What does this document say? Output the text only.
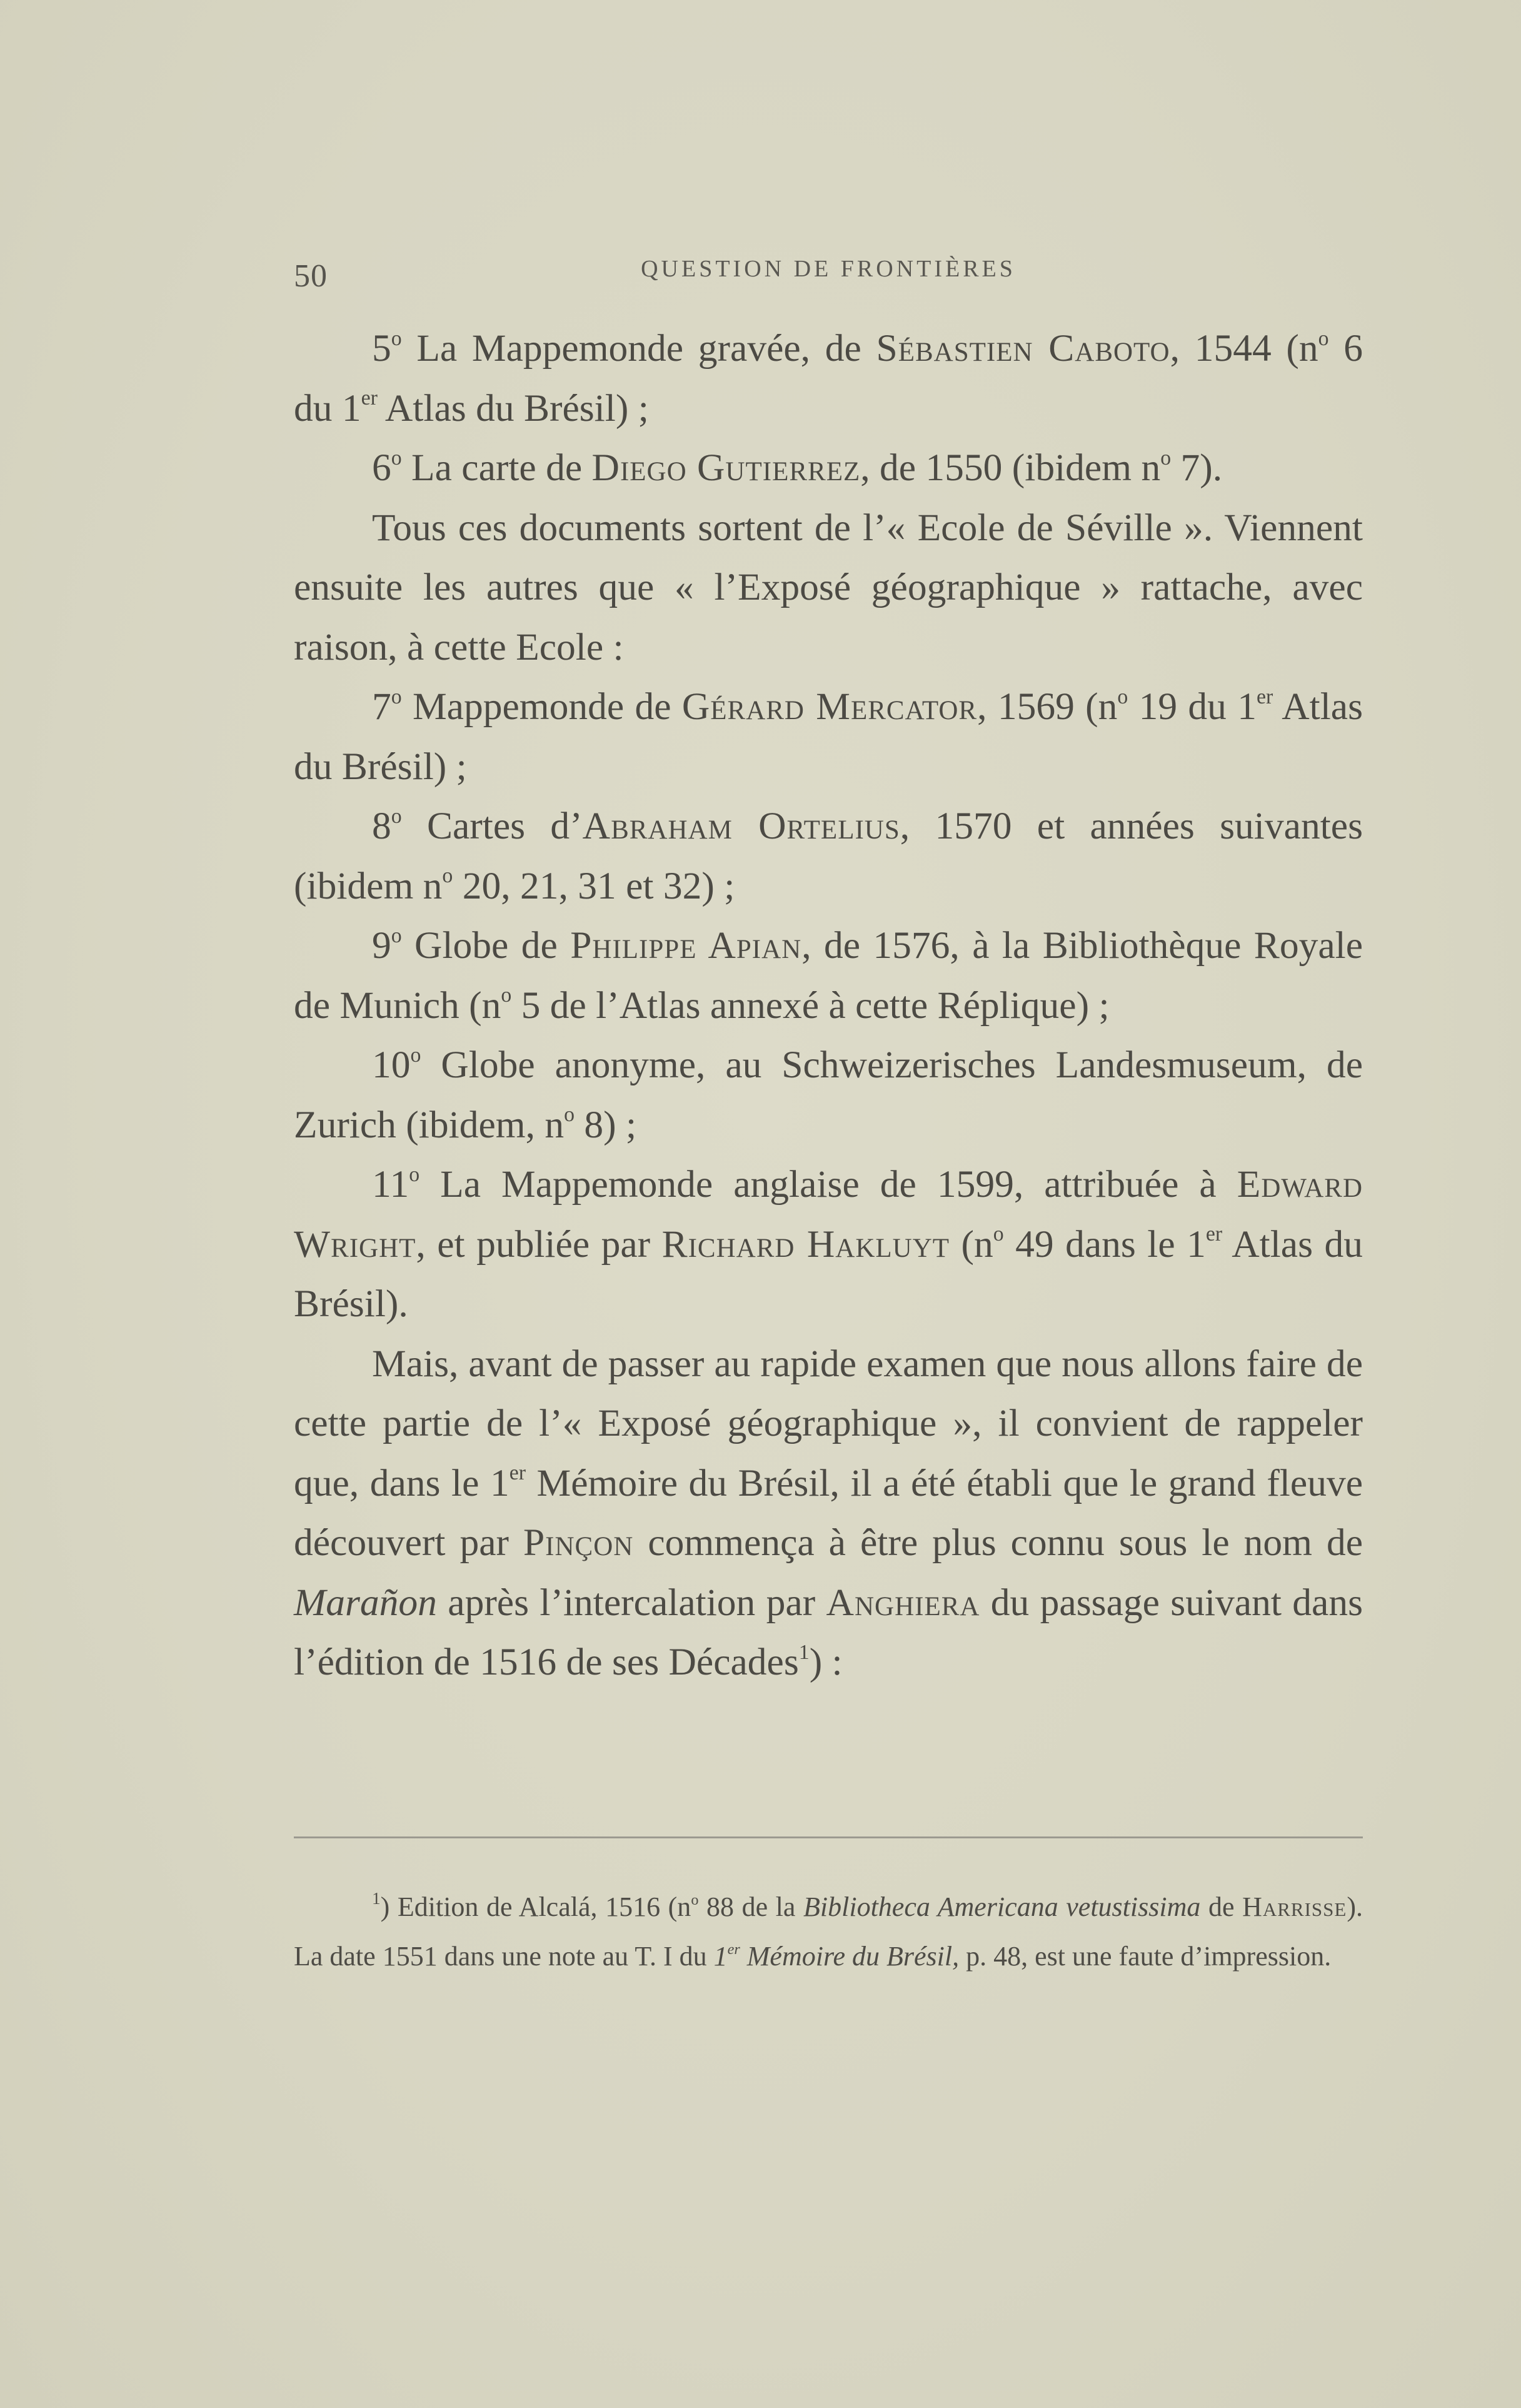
50	QUESTION DE FRONTIÈRES

5$^o$ La Mappemonde gravée, de Sébastien Caboto, 1544 ($n^o$ 6 du 1er Atlas du Brésil) ;

6$^o$ La carte de Diego Gutierrez, de 1550 (ibidem $n^o$ 7).

Tous ces documents sortent de l’« Ecole de Séville ». Viennent ensuite les autres que « l’Exposé géographique » rattache, avec raison, à cette Ecole :

7$^o$ Mappemonde de Gérard Mercator, 1569 ($n^o$ 19 du 1er Atlas du Brésil) ;

8$^o$ Cartes d’Abraham Ortelius, 1570 et années suivantes (ibidem $n^o$ 20, 21, 31 et 32) ;

9$^o$ Globe de Philippe Apian, de 1576, à la Bibliothèque Royale de Munich ($n^o$ 5 de l’Atlas annexé à cette Réplique) ;

10$^o$ Globe anonyme, au Schweizerisches Landesmuseum, de Zurich (ibidem, $n^o$ 8) ;

11$^o$ La Mappemonde anglaise de 1599, attribuée à Edward Wright, et publiée par Richard Hakluyt ($n^o$ 49 dans le 1er Atlas du Brésil).

Mais, avant de passer au rapide examen que nous allons faire de cette partie de l’« Exposé géographique », il convient de rappeler que, dans le 1er Mémoire du Brésil, il a été établi que le grand fleuve découvert par Pinçon commença à être plus connu sous le nom de Marañon après l’intercalation par Anghiera du passage suivant dans l’édition de 1516 de ses Décades$^1$) :

$^1$) Edition de Alcalá, 1516 ($n^o$ 88 de la Bibliotheca Americana vetustissima de Harrisse). La date 1551 dans une note au T. I du 1er Mémoire du Brésil, p. 48, est une faute d’impression.
